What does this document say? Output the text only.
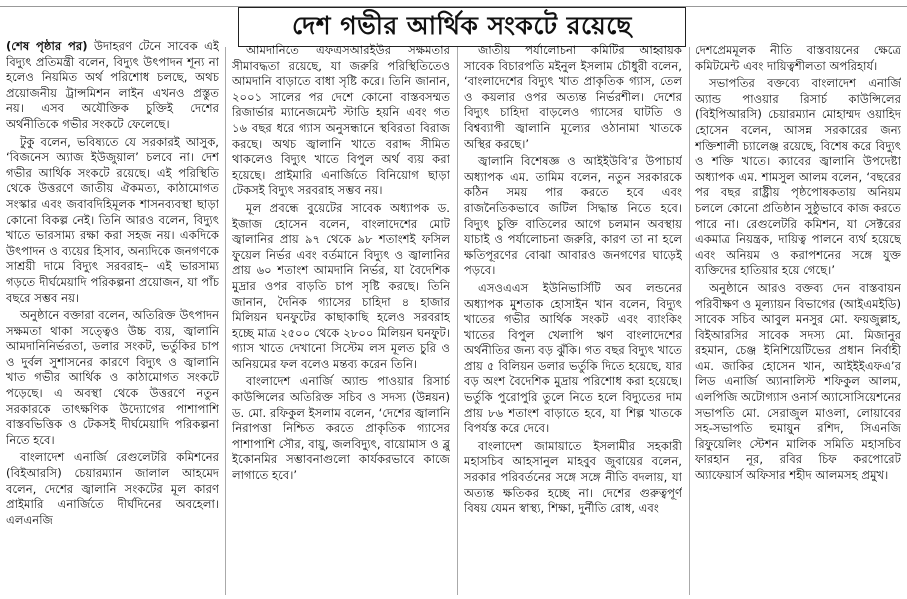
দেশ গভীর আর্থিক সংকটে রয়েছে

(শেষ পৃষ্ঠার পর) উদাহরণ টেনে সাবেক এই বিদ্যুৎ প্রতিমন্ত্রী বলেন, বিদ্যুৎ উৎপাদন শূন্য না হলেও নিয়মিত অর্থ পরিশোধ চলছে, অথচ প্রয়োজনীয় ট্রান্সমিশন লাইন এখনও প্রস্তুত নয়। এসব অযৌক্তিক চুক্তিই দেশের অর্থনীতিকে গভীর সংকটে ফেলেছে।

টুকু বলেন, ভবিষ্যতে যে সরকারই আসুক, ‘বিজনেস অ্যাজ ইউজুয়াল’ চলবে না। দেশ গভীর আর্থিক সংকটে রয়েছে। এই পরিস্থিতি থেকে উত্তরণে জাতীয় ঐকমত্য, কাঠামোগত সংস্কার এবং জবাবদিহিমূলক শাসনব্যবস্থা ছাড়া কোনো বিকল্প নেই। তিনি আরও বলেন, বিদ্যুৎ খাতে ভারসাম্য রক্ষা করা সহজ নয়। একদিকে উৎপাদন ও ব্যয়ের হিসাব, অন্যদিকে জনগণকে সাশ্রয়ী দামে বিদ্যুৎ সরবরাহ– এই ভারসাম্য গড়তে দীর্ঘমেয়াদি পরিকল্পনা প্রয়োজন, যা পাঁচ বছরে সম্ভব নয়।

অনুষ্ঠানে বক্তারা বলেন, অতিরিক্ত উৎপাদন সক্ষমতা থাকা সত্ত্বেও উচ্চ ব্যয়, জ্বালানি আমদানিনির্ভরতা, ডলার সংকট, ভর্তুকির চাপ ও দুর্বল সুশাসনের কারণে বিদ্যুৎ ও জ্বালানি খাত গভীর আর্থিক ও কাঠামোগত সংকটে পড়েছে। এ অবস্থা থেকে উত্তরণে নতুন সরকারকে তাৎক্ষণিক উদ্যোগের পাশাপাশি বাস্তবভিত্তিক ও টেকসই দীর্ঘমেয়াদি পরিকল্পনা নিতে হবে।

বাংলাদেশ এনার্জি রেগুলেটরি কমিশনের (বিইআরসি) চেয়ারম্যান জালাল আহমেদ বলেন, দেশের জ্বালানি সংকটের মূল কারণ প্রাইমারি এনার্জিতে দীর্ঘদিনের অবহেলা। এলএনজি

আমদানিতে এফএসআরইউর সক্ষমতার সীমাবদ্ধতা রয়েছে, যা জরুরি পরিস্থিতিতেও আমদানি বাড়াতে বাধা সৃষ্টি করে। তিনি জানান, ২০০১ সালের পর দেশে কোনো বাস্তবসম্মত রিজার্ভার ম্যানেজমেন্ট স্টাডি হয়নি এবং গত ১৬ বছর ধরে গ্যাস অনুসন্ধানে স্থবিরতা বিরাজ করছে। অথচ জ্বালানি খাতে বরাদ্দ সীমিত থাকলেও বিদ্যুৎ খাতে বিপুল অর্থ ব্যয় করা হয়েছে। প্রাইমারি এনার্জিতে বিনিয়োগ ছাড়া টেকসই বিদ্যুৎ সরবরাহ সম্ভব নয়।

মূল প্রবন্ধে বুয়েটের সাবেক অধ্যাপক ড. ইজাজ হোসেন বলেন, বাংলাদেশের মোট জ্বালানির প্রায় ৯৭ থেকে ৯৮ শতাংশই ফসিল ফুয়েল নির্ভর এবং বর্তমানে বিদ্যুৎ ও জ্বালানির প্রায় ৬০ শতাংশ আমদানি নির্ভর, যা বৈদেশিক মুদ্রার ওপর বাড়তি চাপ সৃষ্টি করছে। তিনি জানান, দৈনিক গ্যাসের চাহিদা ৪ হাজার মিলিয়ন ঘনফুটের কাছাকাছি হলেও সরবরাহ হচ্ছে মাত্র ২৫০০ থেকে ২৮০০ মিলিয়ন ঘনফুট। গ্যাস খাতে দেখানো সিস্টেম লস মূলত চুরি ও অনিয়মের ফল বলেও মন্তব্য করেন তিনি।

বাংলাদেশ এনার্জি অ্যান্ড পাওয়ার রিসার্চ কাউন্সিলের অতিরিক্ত সচিব ও সদস্য (উন্নয়ন) ড. মো. রফিকুল ইসলাম বলেন, ‘দেশের জ্বালানি নিরাপত্তা নিশ্চিত করতে প্রাকৃতিক গ্যাসের পাশাপাশি সৌর, বায়ু, জলবিদ্যুৎ, বায়োমাস ও ব্লু ইকোনমির সম্ভাবনাগুলো কার্যকরভাবে কাজে লাগাতে হবে।’

জাতীয় পর্যালোচনা কমিটির আহ্বায়ক সাবেক বিচারপতি মইনুল ইসলাম চৌধুরী বলেন, ‘বাংলাদেশের বিদ্যুৎ খাত প্রাকৃতিক গ্যাস, তেল ও কয়লার ওপর অত্যন্ত নির্ভরশীল। দেশের বিদ্যুৎ চাহিদা বাড়লেও গ্যাসের ঘাটতি ও বিশ্বব্যাপী জ্বালানি মূল্যের ওঠানামা খাতকে অস্থির করছে।’

জ্বালানি বিশেষজ্ঞ ও আইইউবি’র উপাচার্য অধ্যাপক এম. তামিম বলেন, নতুন সরকারকে কঠিন সময় পার করতে হবে এবং রাজনৈতিকভাবে জটিল সিদ্ধান্ত নিতে হবে। বিদ্যুৎ চুক্তি বাতিলের আগে চলমান অবস্থায় যাচাই ও পর্যালোচনা জরুরি, কারণ তা না হলে ক্ষতিপূরণের বোঝা আবারও জনগণের ঘাড়েই পড়বে।

এসওএএস ইউনিভার্সিটি অব লন্ডনের অধ্যাপক মুশতাক হোসাইন খান বলেন, বিদ্যুৎ খাতের গভীর আর্থিক সংকট এবং ব্যাংকিং খাতের বিপুল খেলাপি ঋণ বাংলাদেশের অর্থনীতির জন্য বড় ঝুঁকি। গত বছর বিদ্যুৎ খাতে প্রায় ৫ বিলিয়ন ডলার ভর্তুকি দিতে হয়েছে, যার বড় অংশ বৈদেশিক মুদ্রায় পরিশোধ করা হয়েছে। ভর্তুকি পুরোপুরি তুলে নিতে হলে বিদ্যুতের দাম প্রায় ৮৬ শতাংশ বাড়াতে হবে, যা শিল্প খাতকে বিপর্যস্ত করে দেবে।

বাংলাদেশ জামায়াতে ইসলামীর সহকারী মহাসচিব আহসানুল মাহবুব জুবায়ের বলেন, সরকার পরিবর্তনের সঙ্গে সঙ্গে নীতি বদলায়, যা অত্যন্ত ক্ষতিকর হচ্ছে না। দেশের গুরুত্বপূর্ণ বিষয় যেমন স্বাস্থ্য, শিক্ষা, দুর্নীতি রোধ, এবং

দেশপ্রেমমূলক নীতি বাস্তবায়নের ক্ষেত্রে কমিটমেন্ট এবং দায়িত্বশীলতা অপরিহার্য।

সভাপতির বক্তব্যে বাংলাদেশ এনার্জি অ্যান্ড পাওয়ার রিসার্চ কাউন্সিলের (বিইপিআরসি) চেয়ারম্যান মোহাম্মদ ওয়াহিদ হোসেন বলেন, আসন্ন সরকারের জন্য শক্তিশালী চ্যালেঞ্জ রয়েছে, বিশেষ করে বিদ্যুৎ ও শক্তি খাতে। ক্যাবের জ্বালানি উপদেষ্টা অধ্যাপক এম. শামসুল আলম বলেন, ‘বছরের পর বছর রাষ্ট্রীয় পৃষ্ঠপোষকতায় অনিয়ম চললে কোনো প্রতিষ্ঠান সুষ্ঠুভাবে কাজ করতে পারে না। রেগুলেটরি কমিশন, যা সেক্টরের একমাত্র নিয়ন্ত্রক, দায়িত্ব পালনে ব্যর্থ হয়েছে এবং অনিয়ম ও করাপশনের সঙ্গে যুক্ত ব্যক্তিদের হাতিয়ার হয়ে গেছে।’

অনুষ্ঠানে আরও বক্তব্য দেন বাস্তবায়ন পরিবীক্ষণ ও মূল্যায়ন বিভাগের (আইএমইডি) সাবেক সচিব আবুল মনসুর মো. ফয়জুল্লাহ, বিইআরসির সাবেক সদস্য মো. মিজানুর রহমান, চেঞ্জ ইনিশিয়েটিভের প্রধান নির্বাহী এম. জাকির হোসেন খান, আইইইএফএ’র লিড এনার্জি অ্যানালিস্ট শফিকুল আলম, এলপিজি অটোগ্যাস ওনার্স অ্যাসোসিয়েশনের সভাপতি মো. সেরাজুল মাওলা, লোয়াবের সহ-সভাপতি হুমায়ুন রশিদ, সিএনজি রিফুয়েলিং স্টেশন মালিক সমিতি মহাসচিব ফারহান নূর, রবির চিফ করপোরেট অ্যাফেয়ার্স অফিসার শহীদ আলমসহ প্রমুখ।
